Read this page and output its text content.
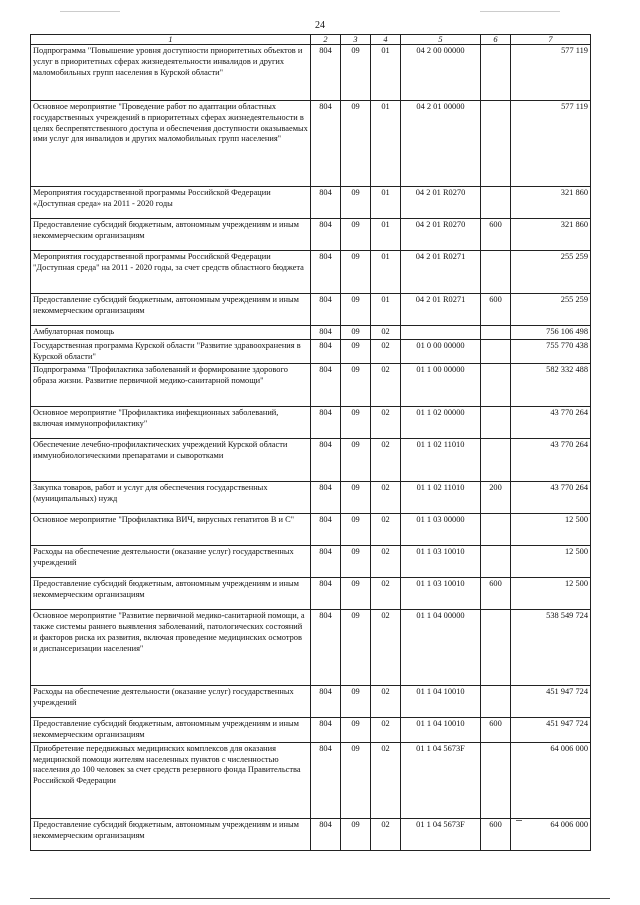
24
1	2	3	4	5	6	7
Подпрограмма "Повышение уровня доступности приоритетных объектов и услуг в приоритетных сферах жизнедеятельности инвалидов и других маломобильных групп населения в Курской области"	804	09	01	04 2 00 00000		577 119
Основное мероприятие "Проведение работ по адаптации областных государственных учреждений в приоритетных сферах жизнедеятельности в целях беспрепятственного доступа и обеспечения доступности оказываемых ими услуг для инвалидов и других маломобильных групп населения"	804	09	01	04 2 01 00000		577 119
Мероприятия государственной программы Российской Федерации «Доступная среда» на 2011 - 2020 годы	804	09	01	04 2 01 R0270		321 860
Предоставление субсидий бюджетным, автономным учреждениям и иным некоммерческим организациям	804	09	01	04 2 01 R0270	600	321 860
Мероприятия государственной программы Российской Федерации "Доступная среда" на 2011 - 2020 годы, за счет средств областного бюджета	804	09	01	04 2 01 R0271		255 259
Предоставление субсидий бюджетным, автономным учреждениям и иным некоммерческим организациям	804	09	01	04 2 01 R0271	600	255 259
Амбулаторная помощь	804	09	02			756 106 498
Государственная программа Курской области "Развитие здравоохранения в Курской области"	804	09	02	01 0 00 00000		755 770 438
Подпрограмма "Профилактика заболеваний и формирование здорового образа жизни. Развитие первичной медико-санитарной помощи"	804	09	02	01 1 00 00000		582 332 488
Основное мероприятие "Профилактика инфекционных заболеваний, включая иммунопрофилактику"	804	09	02	01 1 02 00000		43 770 264
Обеспечение лечебно-профилактических учреждений Курской области иммунобиологическими препаратами и сыворотками	804	09	02	01 1 02 11010		43 770 264
Закупка товаров, работ и услуг для обеспечения государственных (муниципальных) нужд	804	09	02	01 1 02 11010	200	43 770 264
Основное мероприятие "Профилактика ВИЧ, вирусных гепатитов В и С"	804	09	02	01 1 03 00000		12 500
Расходы на обеспечение деятельности (оказание услуг) государственных учреждений	804	09	02	01 1 03 10010		12 500
Предоставление субсидий бюджетным, автономным учреждениям и иным некоммерческим организациям	804	09	02	01 1 03 10010	600	12 500
Основное мероприятие "Развитие первичной медико-санитарной помощи, а также системы раннего выявления заболеваний, патологических состояний и факторов риска их развития, включая проведение медицинских осмотров и диспансеризации населения"	804	09	02	01 1 04 00000		538 549 724
Расходы на обеспечение деятельности (оказание услуг) государственных учреждений	804	09	02	01 1 04 10010		451 947 724
Предоставление субсидий бюджетным, автономным учреждениям и иным некоммерческим организациям	804	09	02	01 1 04 10010	600	451 947 724
Приобретение передвижных медицинских комплексов для оказания медицинской помощи жителям населенных пунктов с численностью населения до 100 человек за счет средств резервного фонда Правительства Российской Федерации	804	09	02	01 1 04 5673F		64 006 000
Предоставление субсидий бюджетным, автономным учреждениям и иным некоммерческим организациям	804	09	02	01 1 04 5673F	600	64 006 000
